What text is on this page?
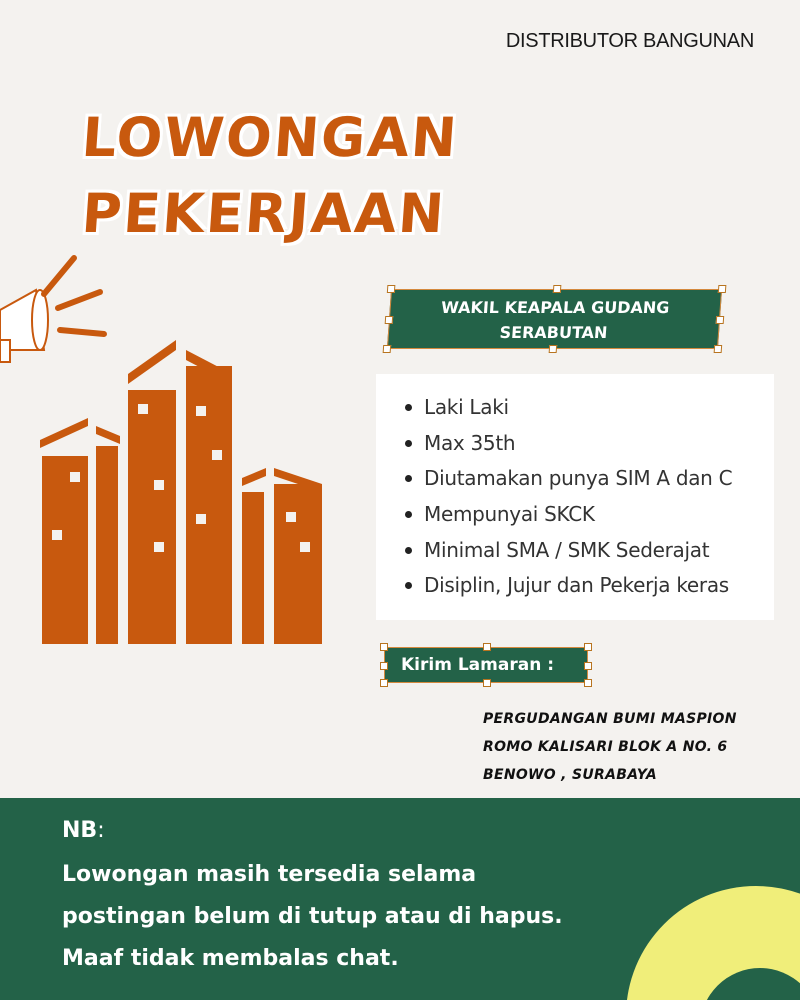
DISTRIBUTOR BANGUNAN
LOWONGAN
PEKERJAAN
WAKIL KEAPALA GUDANG
SERABUTAN
Laki Laki
Max 35th
Diutamakan punya SIM A dan C
Mempunyai SKCK
Minimal SMA / SMK Sederajat
Disiplin, Jujur dan Pekerja keras
Kirim Lamaran :
PERGUDANGAN BUMI MASPION
ROMO KALISARI BLOK A NO. 6
BENOWO , SURABAYA
NB:
Lowongan masih tersedia selama
postingan belum di tutup atau di hapus.
Maaf tidak membalas chat.
